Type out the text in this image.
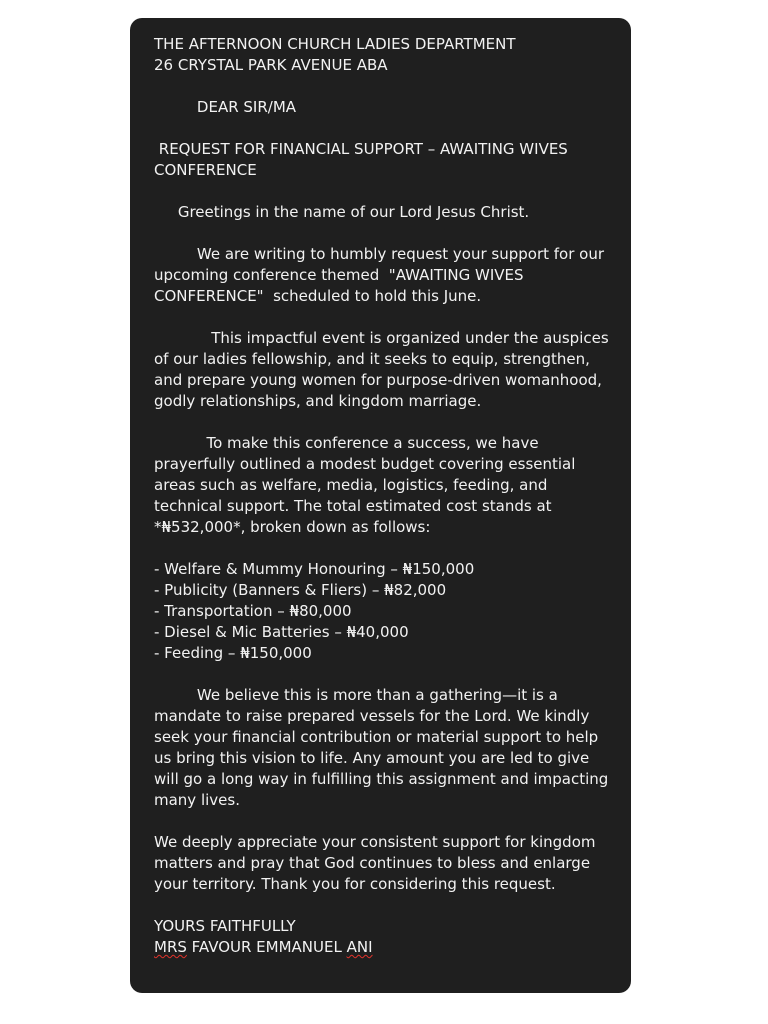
THE AFTERNOON CHURCH LADIES DEPARTMENT
26 CRYSTAL PARK AVENUE ABA
DEAR SIR/MA
REQUEST FOR FINANCIAL SUPPORT – AWAITING WIVES
CONFERENCE
Greetings in the name of our Lord Jesus Christ.
We are writing to humbly request your support for our
upcoming conference themed  "AWAITING WIVES
CONFERENCE"  scheduled to hold this June.
This impactful event is organized under the auspices
of our ladies fellowship, and it seeks to equip, strengthen,
and prepare young women for purpose-driven womanhood,
godly relationships, and kingdom marriage.
To make this conference a success, we have
prayerfully outlined a modest budget covering essential
areas such as welfare, media, logistics, feeding, and
technical support. The total estimated cost stands at
*₦532,000*, broken down as follows:
- Welfare & Mummy Honouring – ₦150,000
- Publicity (Banners & Fliers) – ₦82,000
- Transportation – ₦80,000
- Diesel & Mic Batteries – ₦40,000
- Feeding – ₦150,000
We believe this is more than a gathering—it is a
mandate to raise prepared vessels for the Lord. We kindly
seek your financial contribution or material support to help
us bring this vision to life. Any amount you are led to give
will go a long way in fulfilling this assignment and impacting
many lives.
We deeply appreciate your consistent support for kingdom
matters and pray that God continues to bless and enlarge
your territory. Thank you for considering this request.
YOURS FAITHFULLY
MRS FAVOUR EMMANUEL ANI
